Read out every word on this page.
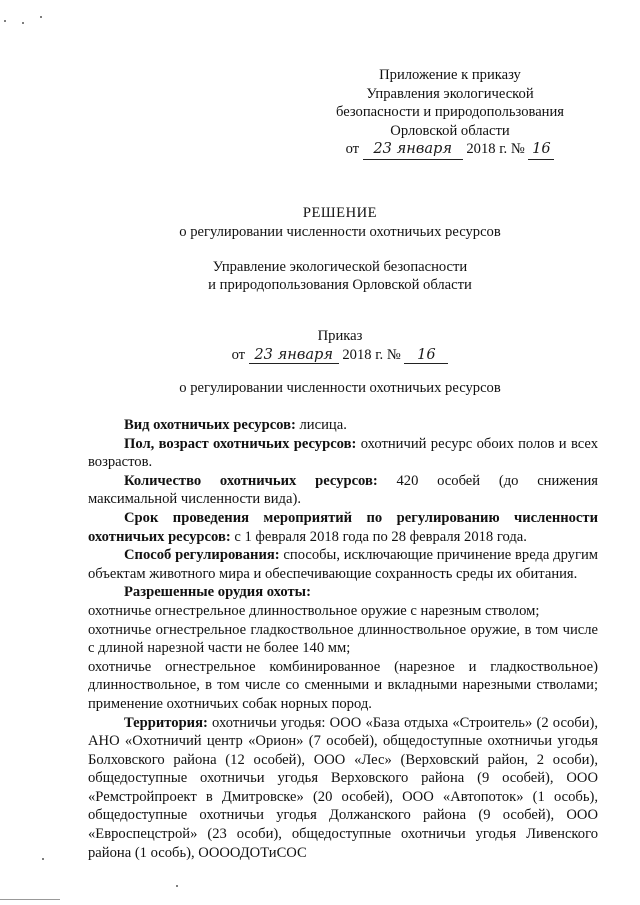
Приложение к приказу
Управления экологической
безопасности и природопользования
Орловской области
от 23 января 2018 г. № 16
РЕШЕНИЕ
о регулировании численности охотничьих ресурсов
Управление экологической безопасности
и природопользования Орловской области
Приказ
от 23 января 2018 г. № 16
о регулировании численности охотничьих ресурсов

Вид охотничьих ресурсов: лисица.

Пол, возраст охотничьих ресурсов: охотничий ресурс обоих полов и всех возрастов.

Количество охотничьих ресурсов: 420 особей (до снижения максимальной численности вида).

Срок проведения мероприятий по регулированию численности охотничьих ресурсов: с 1 февраля 2018 года по 28 февраля 2018 года.

Способ регулирования: способы, исключающие причинение вреда другим объектам животного мира и обеспечивающие сохранность среды их обитания.

Разрешенные орудия охоты:

охотничье огнестрельное длинноствольное оружие с нарезным стволом;

охотничье огнестрельное гладкоствольное длинноствольное оружие, в том числе с длиной нарезной части не более 140 мм;

охотничье огнестрельное комбинированное (нарезное и гладкоствольное) длинноствольное, в том числе со сменными и вкладными нарезными стволами; применение охотничьих собак норных пород.

Территория: охотничьи угодья: ООО «База отдыха «Строитель» (2 особи), АНО «Охотничий центр «Орион» (7 особей), общедоступные охотничьи угодья Болховского района (12 особей), ООО «Лес» (Верховский район, 2 особи), общедоступные охотничьи угодья Верховского района (9 особей), ООО «Ремстройпроект в Дмитровске» (20 особей), ООО «Автопоток» (1 особь), общедоступные охотничьи угодья Должанского района (9 особей), ООО «Евроспецстрой» (23 особи), общедоступные охотничьи угодья Ливенского района (1 особь), ООООДОТиСОС
